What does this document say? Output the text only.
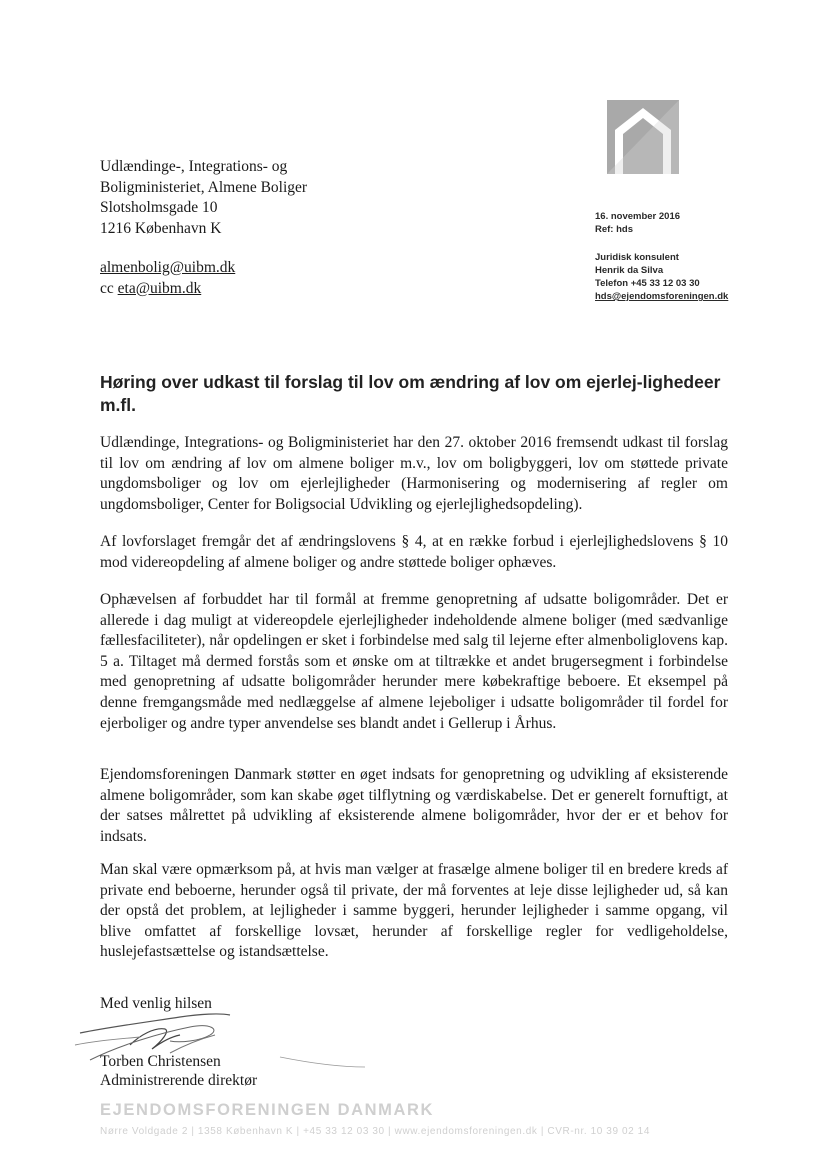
Udlændinge-, Integrations- og
Boligministeriet, Almene Boliger
Slotsholmsgade 10
1216 København K
almenbolig@uibm.dk
cc eta@uibm.dk
16. november 2016
Ref: hds
Juridisk konsulent
Henrik da Silva
Telefon +45 33 12 03 30
hds@ejendomsforeningen.dk
Høring over udkast til forslag til lov om ændring af lov om ejerlej-lighedeer m.fl.
Udlændinge, Integrations- og Boligministeriet har den 27. oktober 2016 fremsendt udkast til forslag til lov om ændring af lov om almene boliger m.v., lov om boligbyggeri, lov om støttede private ungdomsboliger og lov om ejerlejligheder (Harmonisering og modernisering af regler om ungdomsboliger, Center for Boligsocial Udvikling og ejerlejlighedsopdeling).
Af lovforslaget fremgår det af ændringslovens § 4, at en række forbud i ejerlejlighedslovens § 10 mod videreopdeling af almene boliger og andre støttede boliger ophæves.
Ophævelsen af forbuddet har til formål at fremme genopretning af udsatte boligområder. Det er allerede i dag muligt at videreopdele ejerlejligheder indeholdende almene boliger (med sædvanlige fællesfaciliteter), når opdelingen er sket i forbindelse med salg til lejerne efter almenboliglovens kap. 5 a. Tiltaget må dermed forstås som et ønske om at tiltrække et andet brugersegment i forbindelse med genopretning af udsatte boligområder herunder mere købekraftige beboere. Et eksempel på denne fremgangsmåde med nedlæggelse af almene lejeboliger i udsatte boligområder til fordel for ejerboliger og andre typer anvendelse ses blandt andet i Gellerup i Århus.
Ejendomsforeningen Danmark støtter en øget indsats for genopretning og udvikling af eksisterende almene boligområder, som kan skabe øget tilflytning og værdiskabelse. Det er generelt fornuftigt, at der satses målrettet på udvikling af eksisterende almene boligområder, hvor der er et behov for indsats.
Man skal være opmærksom på, at hvis man vælger at frasælge almene boliger til en bredere kreds af private end beboerne, herunder også til private, der må forventes at leje disse lejligheder ud, så kan der opstå det problem, at lejligheder i samme byggeri, herunder lejligheder i samme opgang, vil blive omfattet af forskellige lovsæt, herunder af forskellige regler for vedligeholdelse, huslejefastsættelse og istandsættelse.
Med venlig hilsen
Torben Christensen
Administrerende direktør
EJENDOMSFORENINGEN DANMARK
Nørre Voldgade 2 | 1358 København K | +45 33 12 03 30 | www.ejendomsforeningen.dk | CVR-nr. 10 39 02 14
